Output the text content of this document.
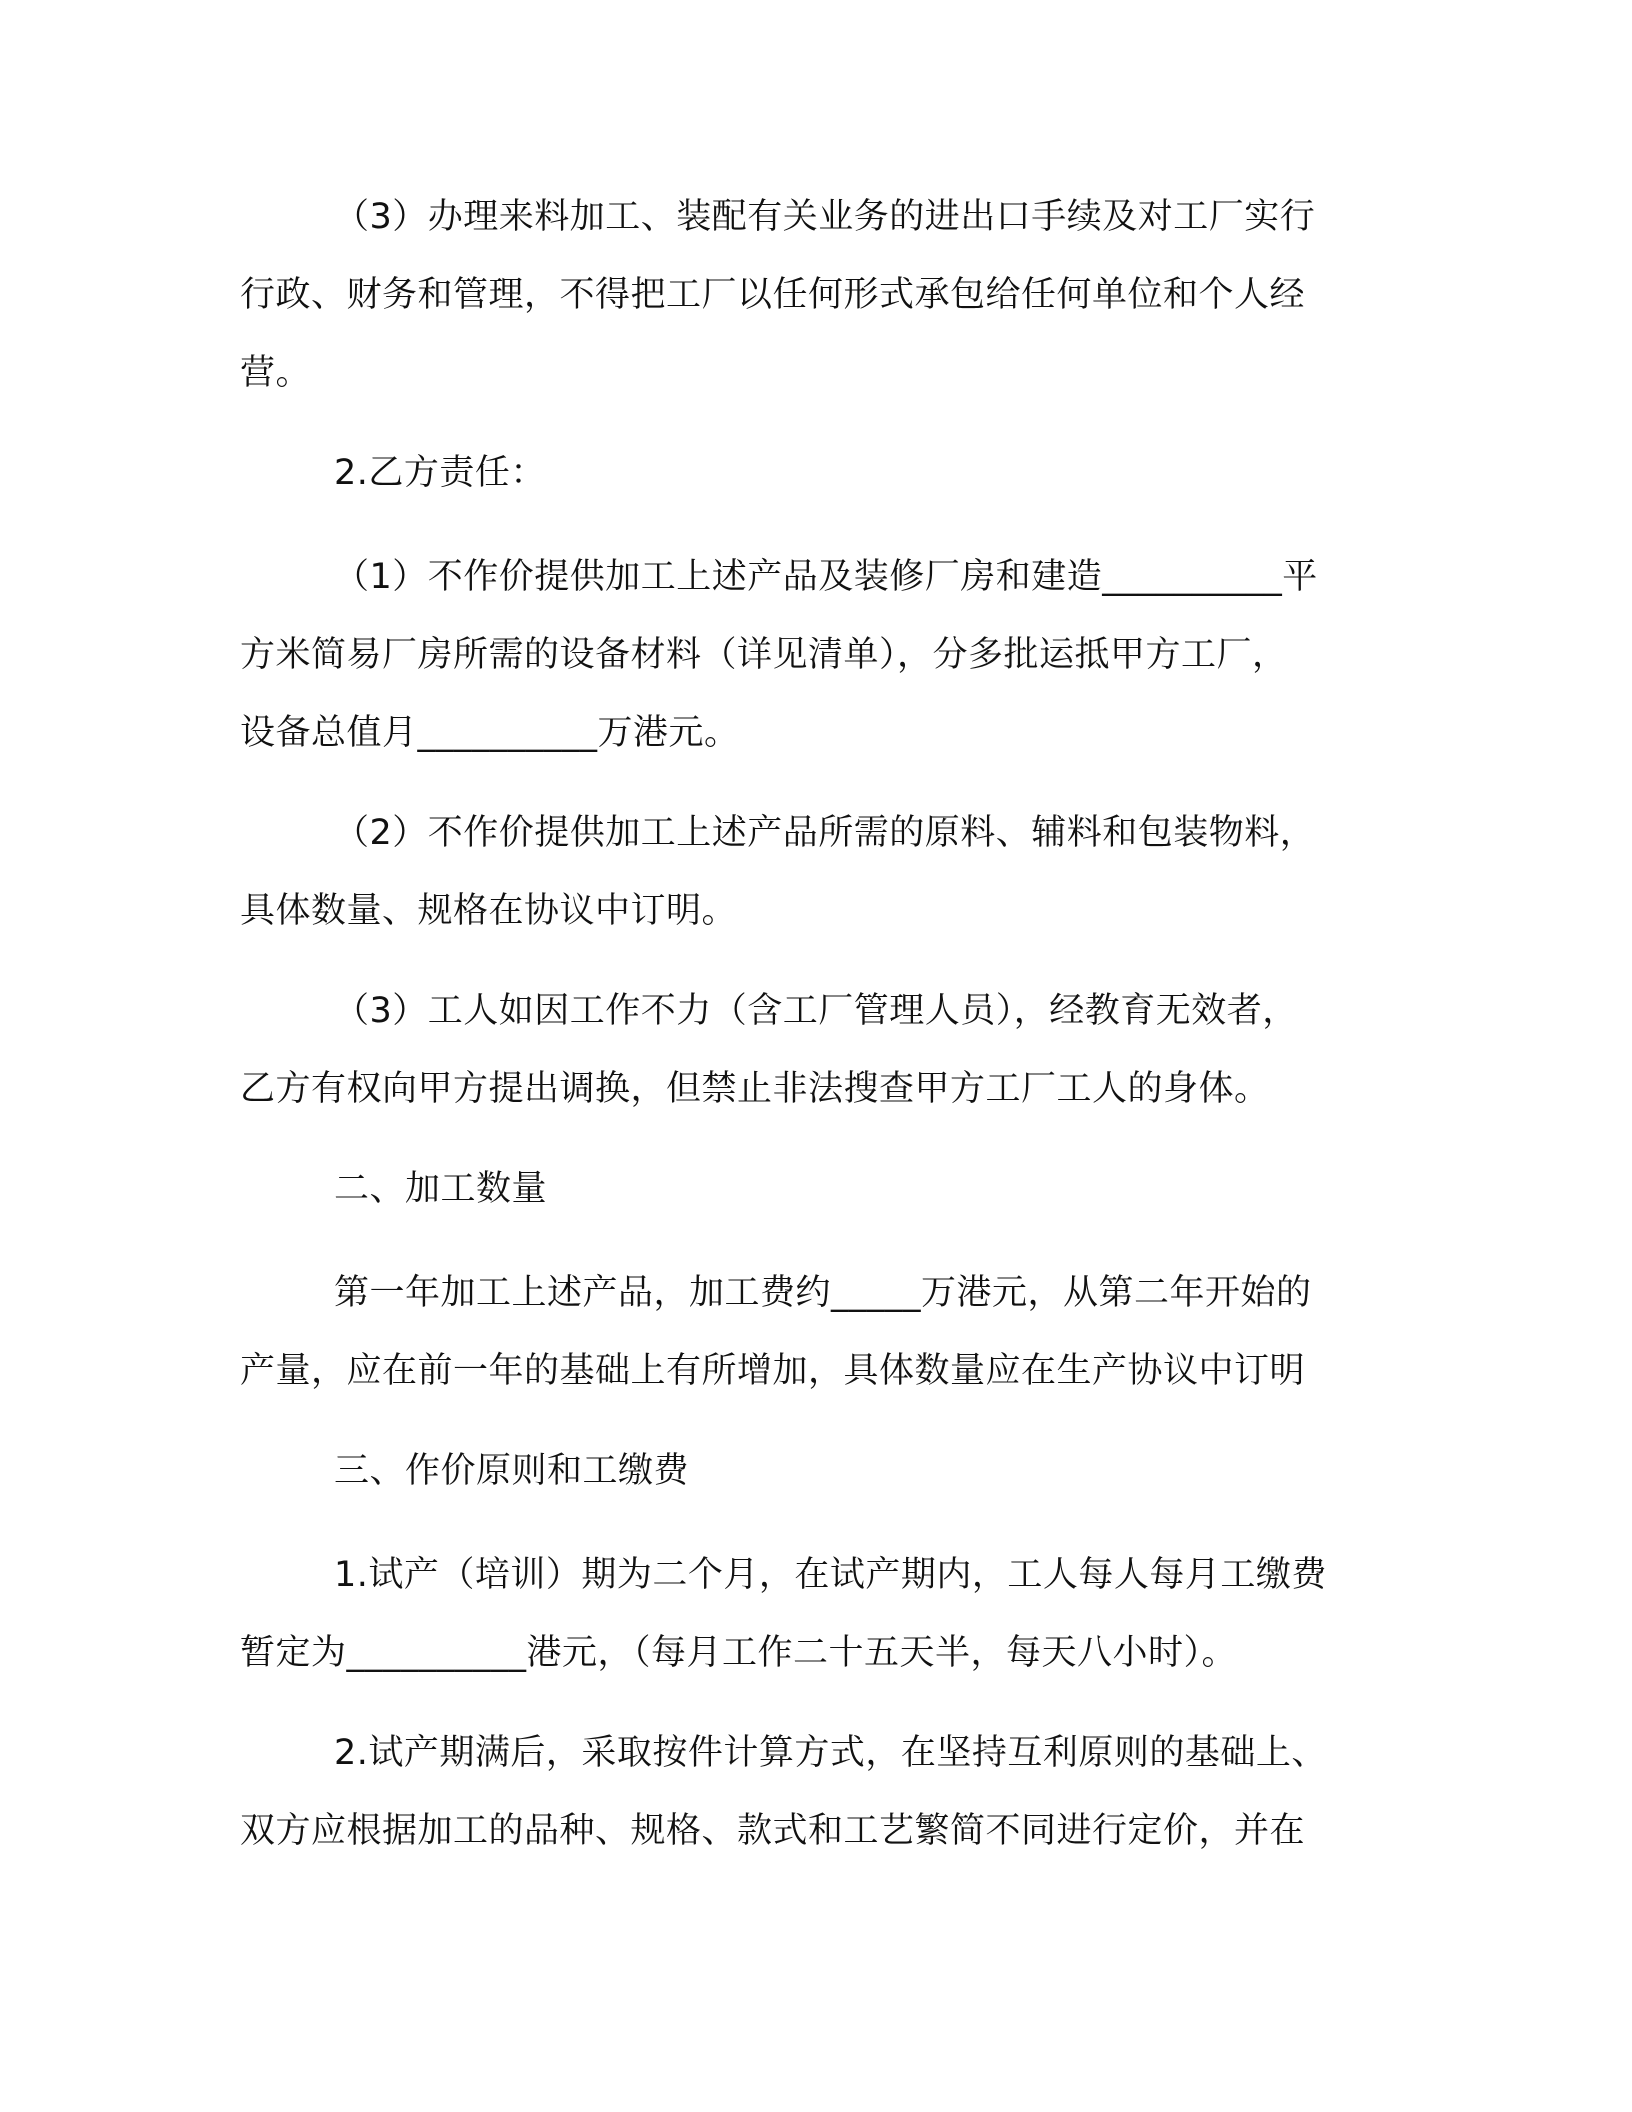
（3）办理来料加工、装配有关业务的进出口手续及对工厂实行
行政、财务和管理，不得把工厂以任何形式承包给任何单位和个人经
营。
2.乙方责任：
（1）不作价提供加工上述产品及装修厂房和建造__________平
方米简易厂房所需的设备材料（详见清单），分多批运抵甲方工厂，
设备总值月__________万港元。
（2）不作价提供加工上述产品所需的原料、辅料和包装物料，
具体数量、规格在协议中订明。
（3）工人如因工作不力（含工厂管理人员），经教育无效者，
乙方有权向甲方提出调换，但禁止非法搜查甲方工厂工人的身体。
二、加工数量
第一年加工上述产品，加工费约_____万港元，从第二年开始的
产量，应在前一年的基础上有所增加，具体数量应在生产协议中订明
三、作价原则和工缴费
1.试产（培训）期为二个月，在试产期内，工人每人每月工缴费
暂定为__________港元，（每月工作二十五天半，每天八小时）。
2.试产期满后，采取按件计算方式，在坚持互利原则的基础上、
双方应根据加工的品种、规格、款式和工艺繁简不同进行定价，并在
